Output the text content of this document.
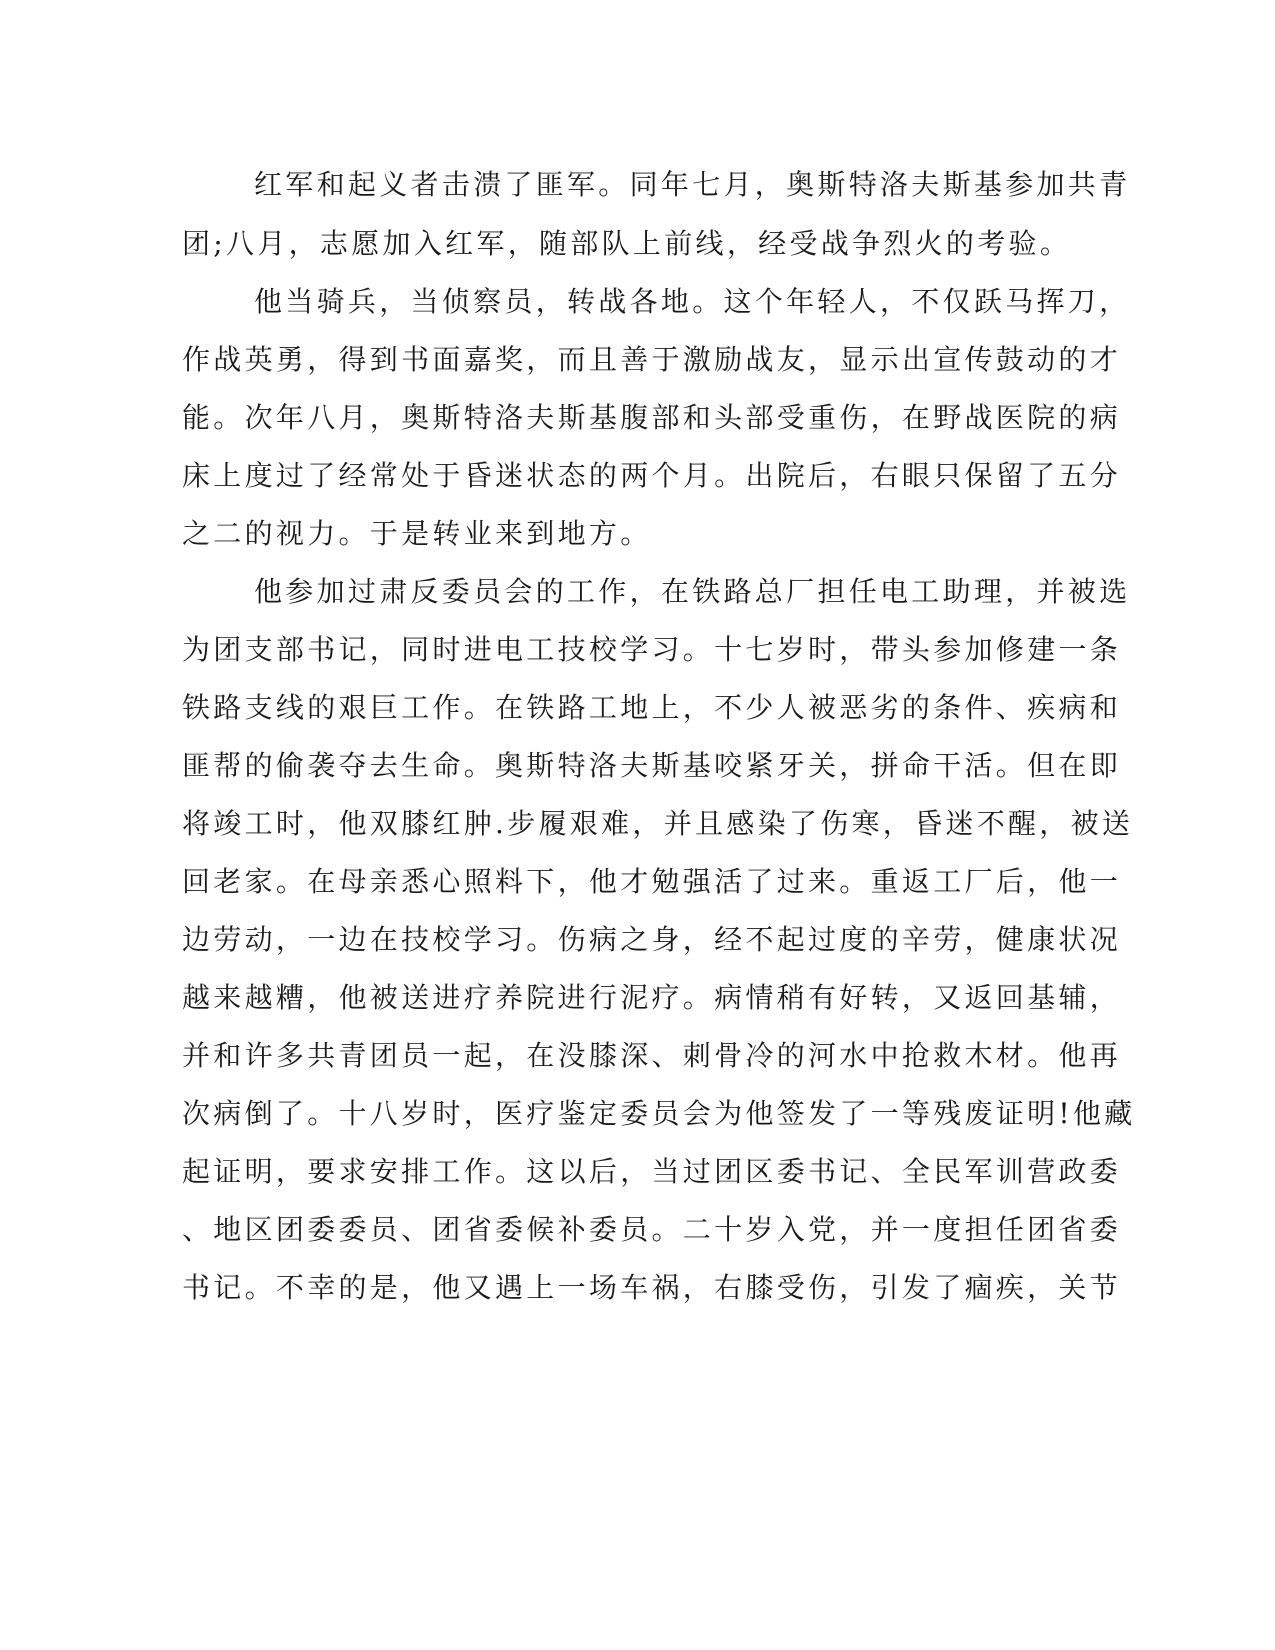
红军和起义者击溃了匪军。同年七月，奥斯特洛夫斯基参加共青
团;八月，志愿加入红军，随部队上前线，经受战争烈火的考验。
他当骑兵，当侦察员，转战各地。这个年轻人，不仅跃马挥刀，
作战英勇，得到书面嘉奖，而且善于激励战友，显示出宣传鼓动的才
能。次年八月，奥斯特洛夫斯基腹部和头部受重伤，在野战医院的病
床上度过了经常处于昏迷状态的两个月。出院后，右眼只保留了五分
之二的视力。于是转业来到地方。
他参加过肃反委员会的工作，在铁路总厂担任电工助理，并被选
为团支部书记，同时进电工技校学习。十七岁时，带头参加修建一条
铁路支线的艰巨工作。在铁路工地上，不少人被恶劣的条件、疾病和
匪帮的偷袭夺去生命。奥斯特洛夫斯基咬紧牙关，拼命干活。但在即
将竣工时，他双膝红肿.步履艰难，并且感染了伤寒，昏迷不醒，被送
回老家。在母亲悉心照料下，他才勉强活了过来。重返工厂后，他一
边劳动，一边在技校学习。伤病之身，经不起过度的辛劳，健康状况
越来越糟，他被送进疗养院进行泥疗。病情稍有好转，又返回基辅，
并和许多共青团员一起，在没膝深、刺骨冷的河水中抢救木材。他再
次病倒了。十八岁时，医疗鉴定委员会为他签发了一等残废证明!他藏
起证明，要求安排工作。这以后，当过团区委书记、全民军训营政委
、地区团委委员、团省委候补委员。二十岁入党，并一度担任团省委
书记。不幸的是，他又遇上一场车祸，右膝受伤，引发了痼疾，关节
